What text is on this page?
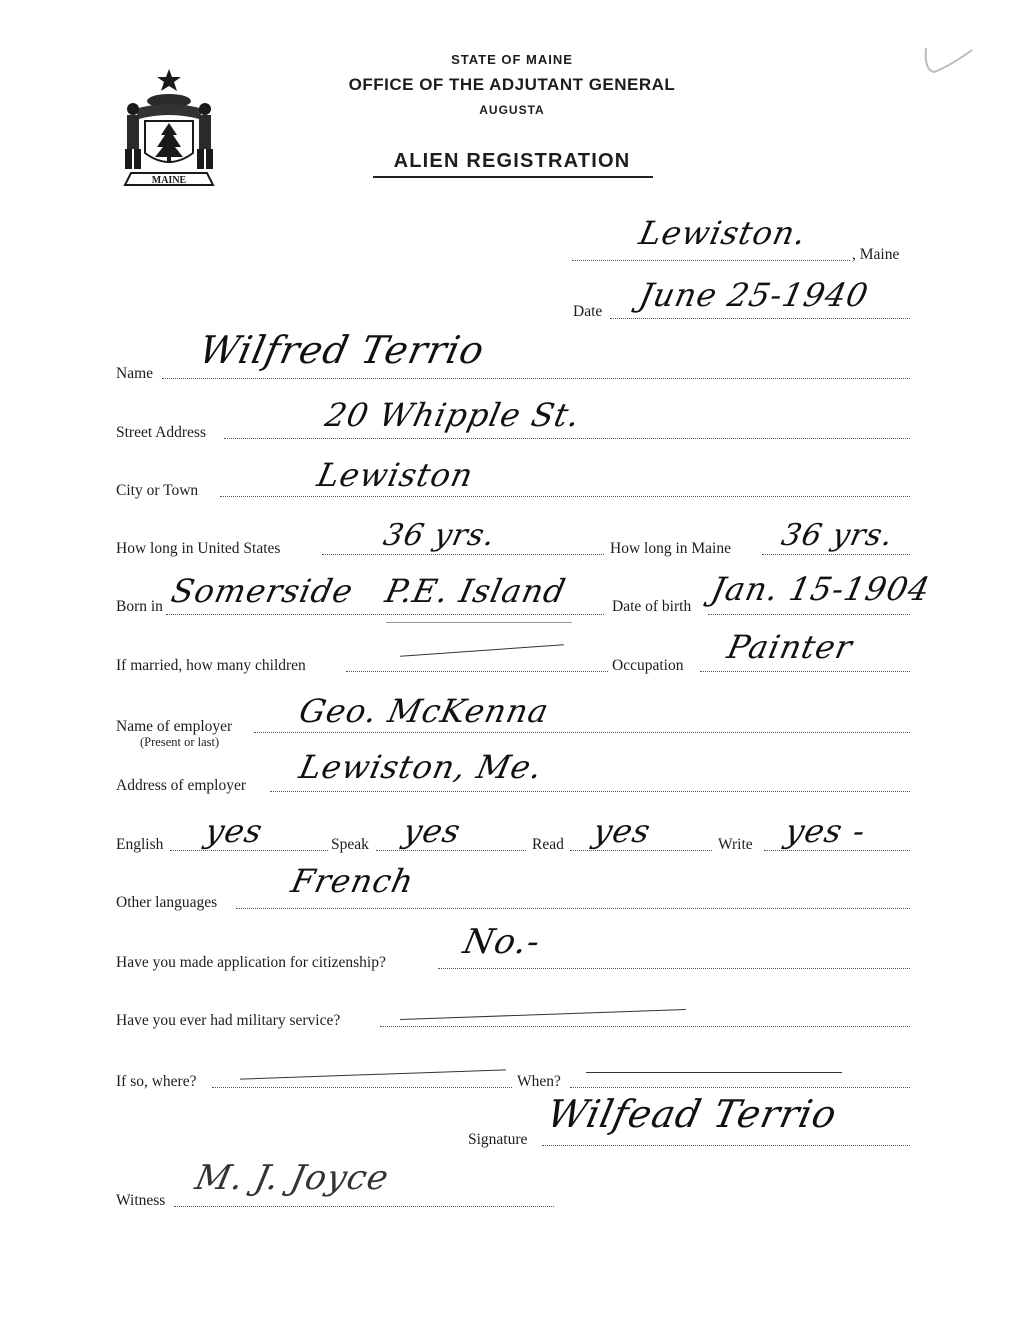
MAINE
STATE OF MAINE
OFFICE OF THE ADJUTANT GENERAL
AUGUSTA
ALIEN REGISTRATION
Lewiston.
, Maine
Date June 25-1940
Name
Wilfred Terrio
Street Address	20 Whipple St.
City or Town	Lewiston
How long in United States	36 yrs.	How long in Maine 36 yrs.
Born in Somerside P.E. Island	Date of birth Jan. 15-1904
If married, how many children	Occupation Painter
Name of employer
(Present or last)
Geo. McKenna
Address of employer Lewiston, Me.
English yes	Speak yes	Read yes	Write yes -
Other languages
French
Have you made application for citizenship?
No.-
Have you ever had military service?
If so, where?	When?
Signature
Wilfead Terrio
Witness
M. J. Joyce
